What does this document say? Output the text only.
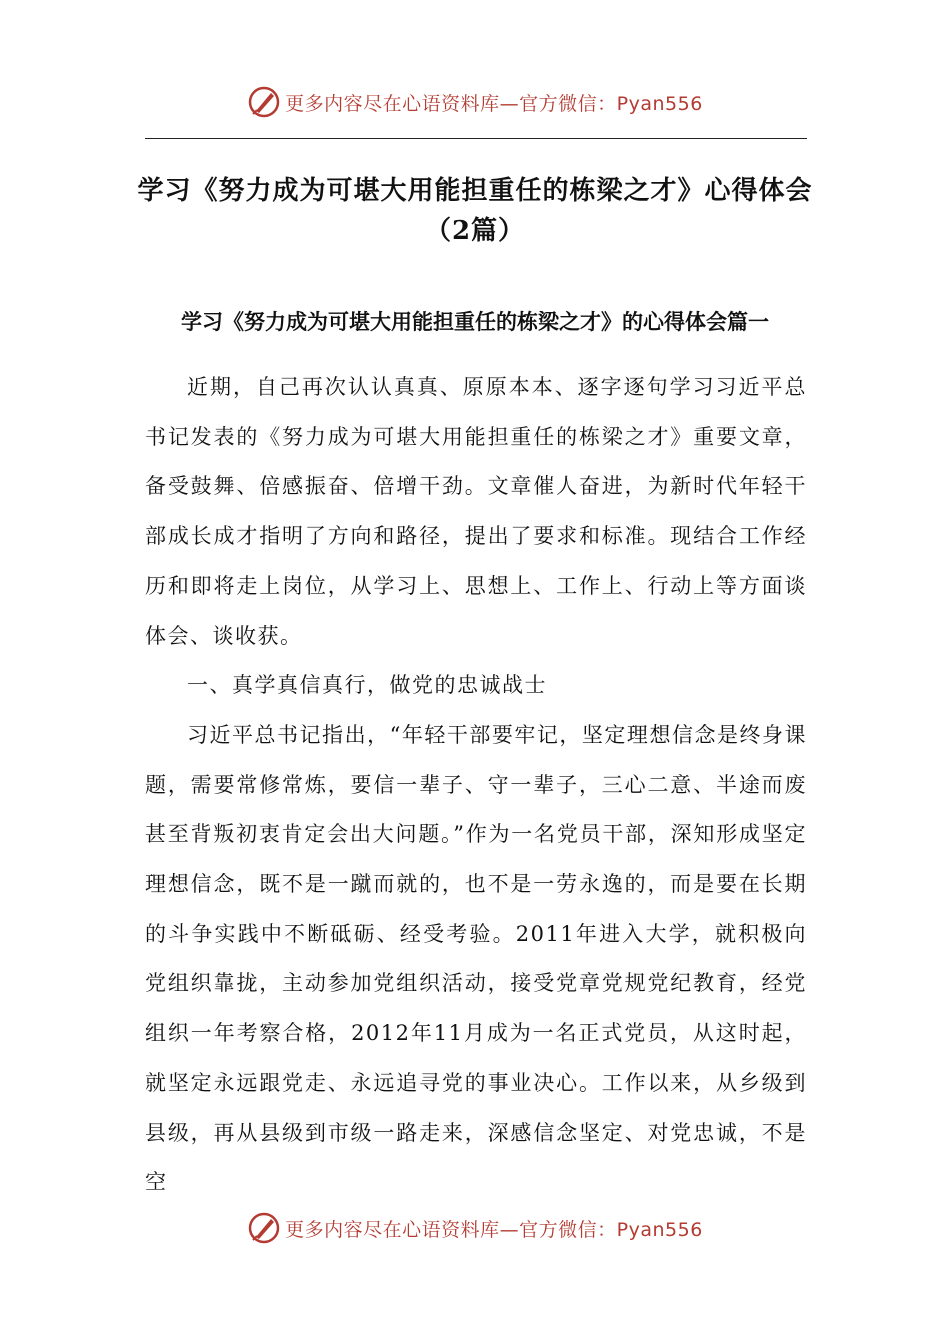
更多内容尽在心语资料库—官方微信：Pyan556
学习《努力成为可堪大用能担重任的栋梁之才》心得体会
（2篇）
学习《努力成为可堪大用能担重任的栋梁之才》的心得体会篇一

近期，自己再次认认真真、原原本本、逐字逐句学习习近平总书记发表的《努力成为可堪大用能担重任的栋梁之才》重要文章，备受鼓舞、倍感振奋、倍增干劲。文章催人奋进，为新时代年轻干部成长成才指明了方向和路径，提出了要求和标准。现结合工作经历和即将走上岗位，从学习上、思想上、工作上、行动上等方面谈体会、谈收获。

一、真学真信真行，做党的忠诚战士

习近平总书记指出，“年轻干部要牢记，坚定理想信念是终身课题，需要常修常炼，要信一辈子、守一辈子，三心二意、半途而废甚至背叛初衷肯定会出大问题。”作为一名党员干部，深知形成坚定理想信念，既不是一蹴而就的，也不是一劳永逸的，而是要在长期的斗争实践中不断砥砺、经受考验。2011年进入大学，就积极向党组织靠拢，主动参加党组织活动，接受党章党规党纪教育，经党组织一年考察合格，2012年11月成为一名正式党员，从这时起，就坚定永远跟党走、永远追寻党的事业决心。工作以来，从乡级到县级，再从县级到市级一路走来，深感信念坚定、对党忠诚，不是空

更多内容尽在心语资料库—官方微信：Pyan556
